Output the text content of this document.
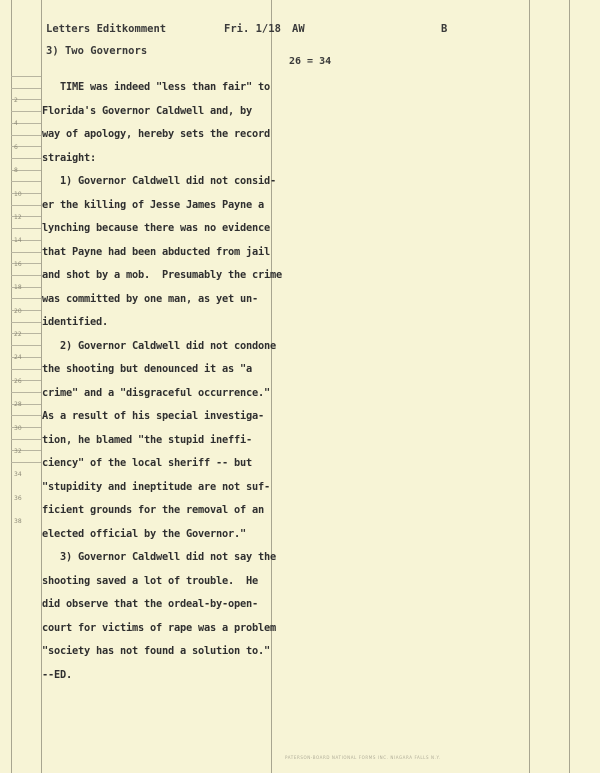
2
4
6
8
10
12
14
16
18
20
22
24
26
28
30
32
34
36
38
Letters Editkomment	Fri. 1/18 AW	B
3) Two Governors
26 = 34
TIME was indeed "less than fair" to
Florida's Governor Caldwell and, by
way of apology, hereby sets the record
straight:
1) Governor Caldwell did not consid-
er the killing of Jesse James Payne a
lynching because there was no evidence
that Payne had been abducted from jail
and shot by a mob.  Presumably the crime
was committed by one man, as yet un-
identified.
2) Governor Caldwell did not condone
the shooting but denounced it as "a
crime" and a "disgraceful occurrence."
As a result of his special investiga-
tion, he blamed "the stupid ineffi-
ciency" of the local sheriff -- but
"stupidity and ineptitude are not suf-
ficient grounds for the removal of an
elected official by the Governor."
3) Governor Caldwell did not say the
shooting saved a lot of trouble.  He
did observe that the ordeal-by-open-
court for victims of rape was a problem
"society has not found a solution to."
--ED.
PATERSON-BOARD NATIONAL FORMS INC. NIAGARA FALLS N.Y.
